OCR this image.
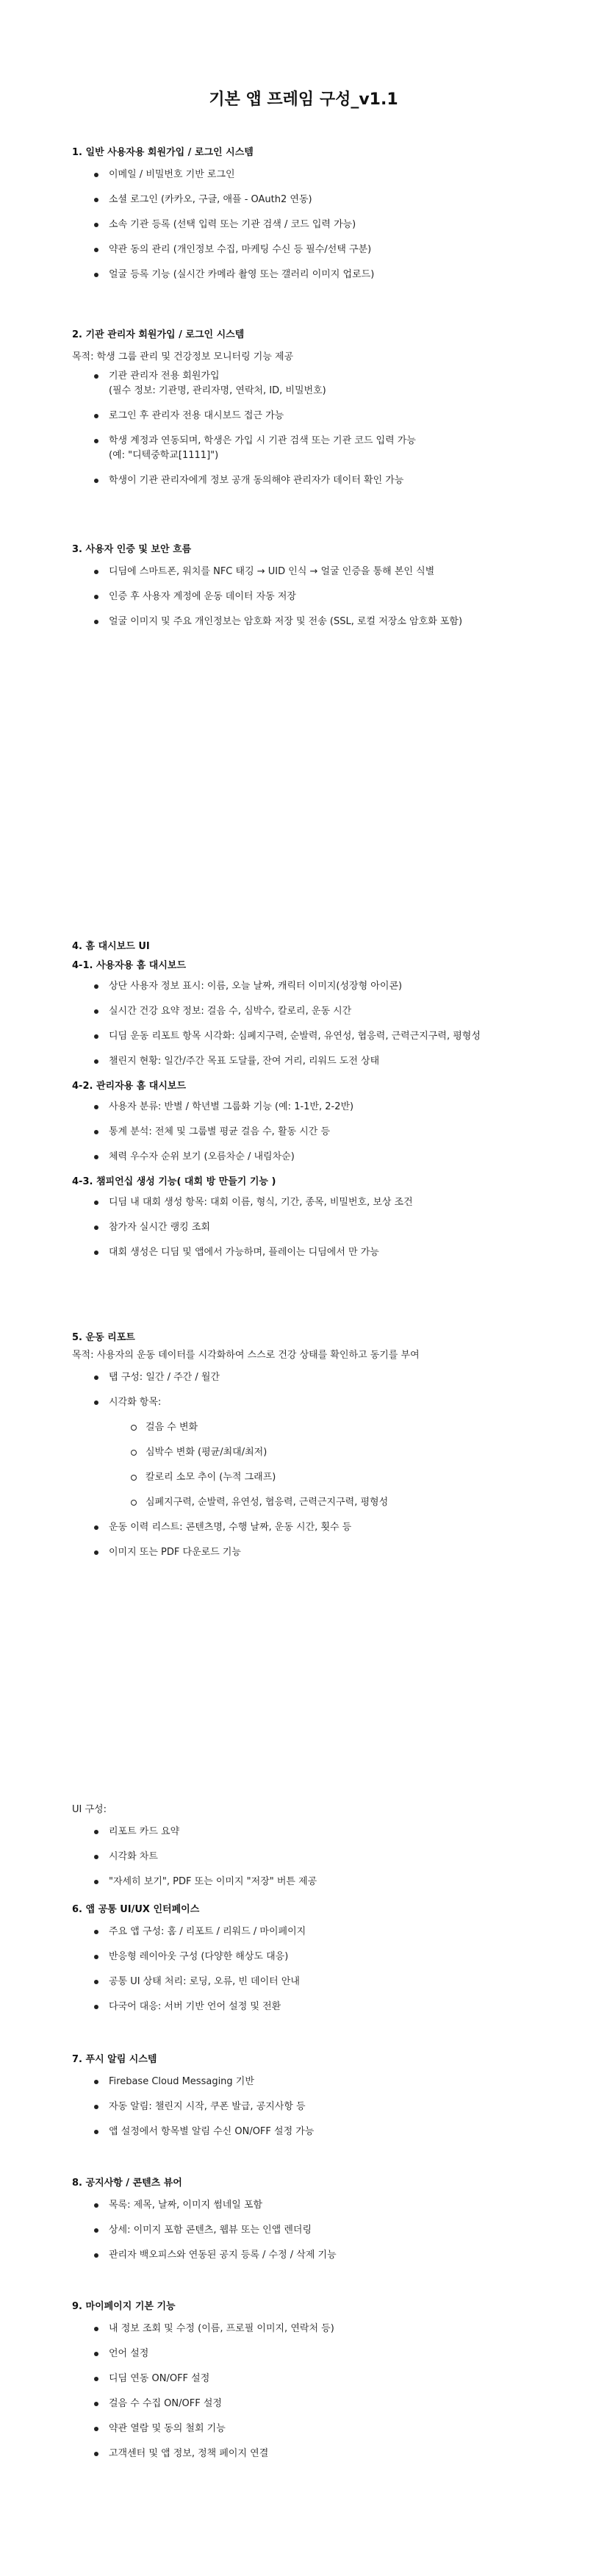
기본 앱 프레임 구성_v1.1
1. 일반 사용자용 회원가입 / 로그인 시스템
이메일 / 비밀번호 기반 로그인
소셜 로그인 (카카오, 구글, 애플 - OAuth2 연동)
소속 기관 등록 (선택 입력 또는 기관 검색 / 코드 입력 가능)
약관 동의 관리 (개인정보 수집, 마케팅 수신 등 필수/선택 구분)
얼굴 등록 기능 (실시간 카메라 촬영 또는 갤러리 이미지 업로드)
2. 기관 관리자 회원가입 / 로그인 시스템

목적: 학생 그룹 관리 및 건강정보 모니터링 기능 제공

기관 관리자 전용 회원가입
(필수 정보: 기관명, 관리자명, 연락처, ID, 비밀번호)
로그인 후 관리자 전용 대시보드 접근 가능
학생 계정과 연동되며, 학생은 가입 시 기관 검색 또는 기관 코드 입력 가능
(예: "디텍중학교[1111]")
학생이 기관 관리자에게 정보 공개 동의해야 관리자가 데이터 확인 가능
3. 사용자 인증 및 보안 흐름
디딤에 스마트폰, 워치를 NFC 태깅 → UID 인식 → 얼굴 인증을 통해 본인 식별
인증 후 사용자 계정에 운동 데이터 자동 저장
얼굴 이미지 및 주요 개인정보는 암호화 저장 및 전송 (SSL, 로컬 저장소 암호화 포함)
4. 홈 대시보드 UI
4-1. 사용자용 홈 대시보드
상단 사용자 정보 표시: 이름, 오늘 날짜, 캐릭터 이미지(성장형 아이콘)
실시간 건강 요약 정보: 걸음 수, 심박수, 칼로리, 운동 시간
디딤 운동 리포트 항목 시각화: 심폐지구력, 순발력, 유연성, 협응력, 근력근지구력, 평형성
챌린지 현황: 일간/주간 목표 도달률, 잔여 거리, 리워드 도전 상태
4-2. 관리자용 홈 대시보드
사용자 분류: 반별 / 학년별 그룹화 기능 (예: 1-1반, 2-2반)
통계 분석: 전체 및 그룹별 평균 걸음 수, 활동 시간 등
체력 우수자 순위 보기 (오름차순 / 내림차순)
4-3. 챔피언십 생성 기능( 대회 방 만들기 기능 )
디딤 내 대회 생성 항목: 대회 이름, 형식, 기간, 종목, 비밀번호, 보상 조건
참가자 실시간 랭킹 조회
대회 생성은 디딤 및 앱에서 가능하며, 플레이는 디딤에서 만 가능
5. 운동 리포트

목적: 사용자의 운동 데이터를 시각화하여 스스로 건강 상태를 확인하고 동기를 부여

탭 구성: 일간 / 주간 / 월간
시각화 항목:
걸음 수 변화
심박수 변화 (평균/최대/최저)
칼로리 소모 추이 (누적 그래프)
심폐지구력, 순발력, 유연성, 협응력, 근력근지구력, 평형성
운동 이력 리스트: 콘텐츠명, 수행 날짜, 운동 시간, 횟수 등
이미지 또는 PDF 다운로드 기능

UI 구성:

리포트 카드 요약
시각화 차트
"자세히 보기", PDF 또는 이미지 "저장" 버튼 제공
6. 앱 공통 UI/UX 인터페이스
주요 앱 구성: 홈 / 리포트 / 리워드 / 마이페이지
반응형 레이아웃 구성 (다양한 해상도 대응)
공통 UI 상태 처리: 로딩, 오류, 빈 데이터 안내
다국어 대응: 서버 기반 언어 설정 및 전환
7. 푸시 알림 시스템
Firebase Cloud Messaging 기반
자동 알림: 챌린지 시작, 쿠폰 발급, 공지사항 등
앱 설정에서 항목별 알림 수신 ON/OFF 설정 가능
8. 공지사항 / 콘텐츠 뷰어
목록: 제목, 날짜, 이미지 썸네일 포함
상세: 이미지 포함 콘텐츠, 웹뷰 또는 인앱 렌더링
관리자 백오피스와 연동된 공지 등록 / 수정 / 삭제 기능
9. 마이페이지 기본 기능
내 정보 조회 및 수정 (이름, 프로필 이미지, 연락처 등)
언어 설정
디딤 연동 ON/OFF 설정
걸음 수 수집 ON/OFF 설정
약관 열람 및 동의 철회 기능
고객센터 및 앱 정보, 정책 페이지 연결
